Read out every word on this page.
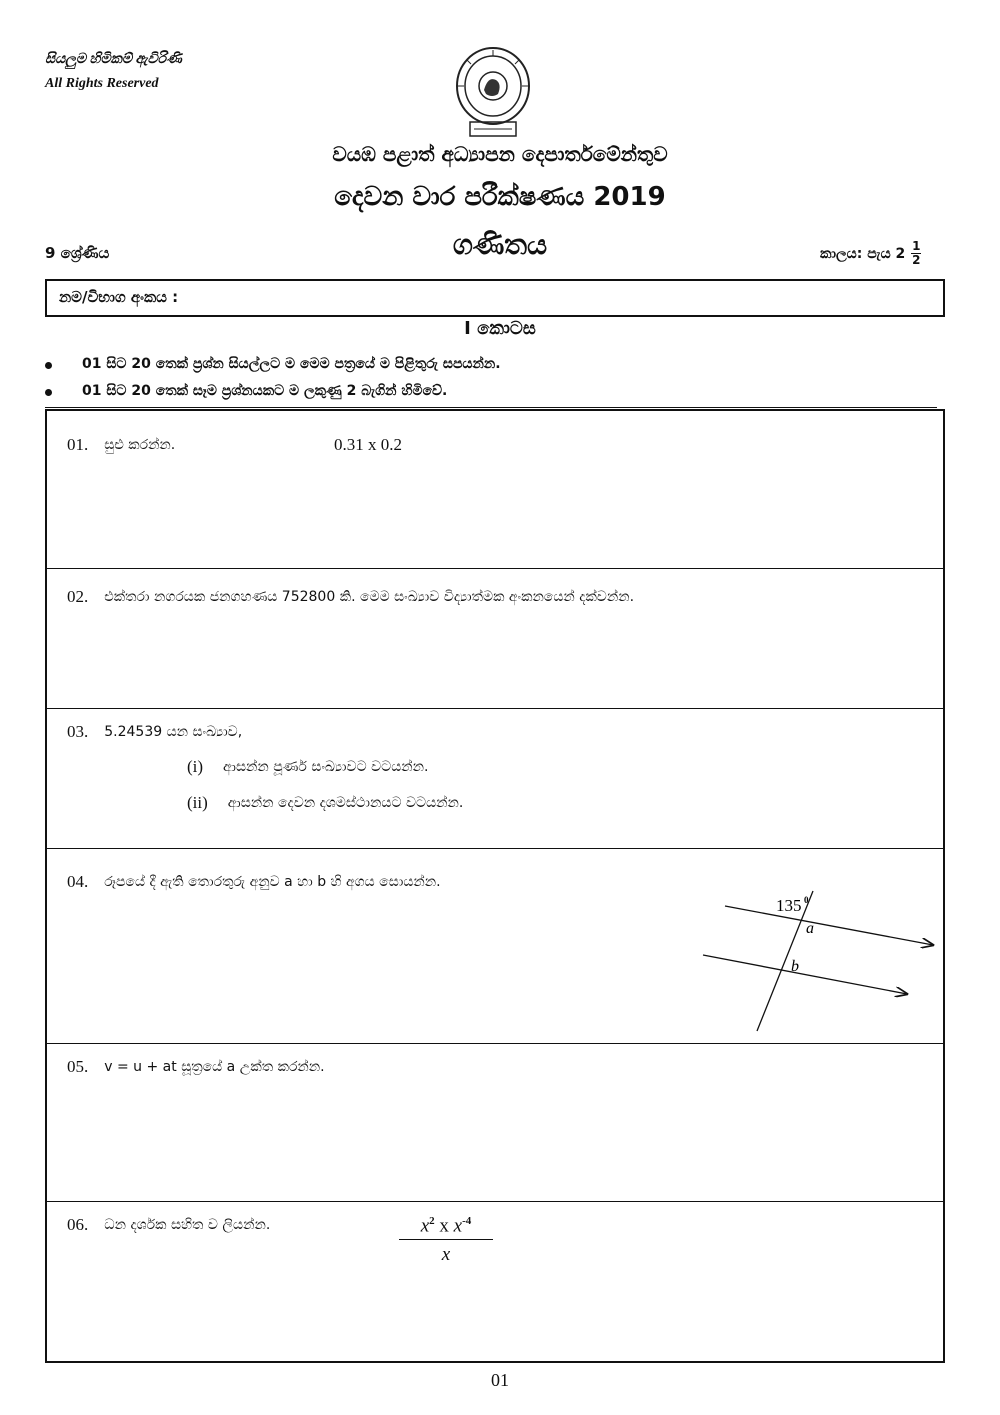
සියලුම හිමිකම් ඇවිරිණි
All Rights Reserved
වයඹ පළාත් අධ්‍යාපන දෙපාර්තමේන්තුව
දෙවන වාර පරීක්ෂණය 2019
9 ශ්‍රේණිය	ගණිතය	කාලය: පැය $2 \frac{1}{2}$
නම/විභාග අංකය :
I කොටස
01 සිට 20 තෙක් ප්‍රශ්න සියල්ලට ම මෙම පත්‍රයේ ම පිළිතුරු සපයන්න.
01 සිට 20 තෙක් සෑම ප්‍රශ්නයකට ම ලකුණු 2 බැගින් හිමිවේ.
01. සුළු කරන්න.	0.31 x 0.2
02. එක්තරා නගරයක ජනගහණය 752800 කි. මෙම සංඛ්‍යාව විද්‍යාත්මක අංකනයෙන් දක්වන්න.
03. 5.24539 යන සංඛ්‍යාව,
(i) ආසන්න පූර්ණ සංඛ්‍යාවට වටයන්න.
(ii) ආසන්න දෙවන දශමස්ථානයට වටයන්න.
04. රූපයේ දී ඇති තොරතුරු අනුව a හා b හි අගය සොයන්න.
135 0
a
b
05. v = u + at සූත්‍රයේ a උක්ත කරන්න.
06. ධන දර්ශක සහිත ව ලියන්න.	$\frac{x^2 x x^{-4}}{x}$
01
